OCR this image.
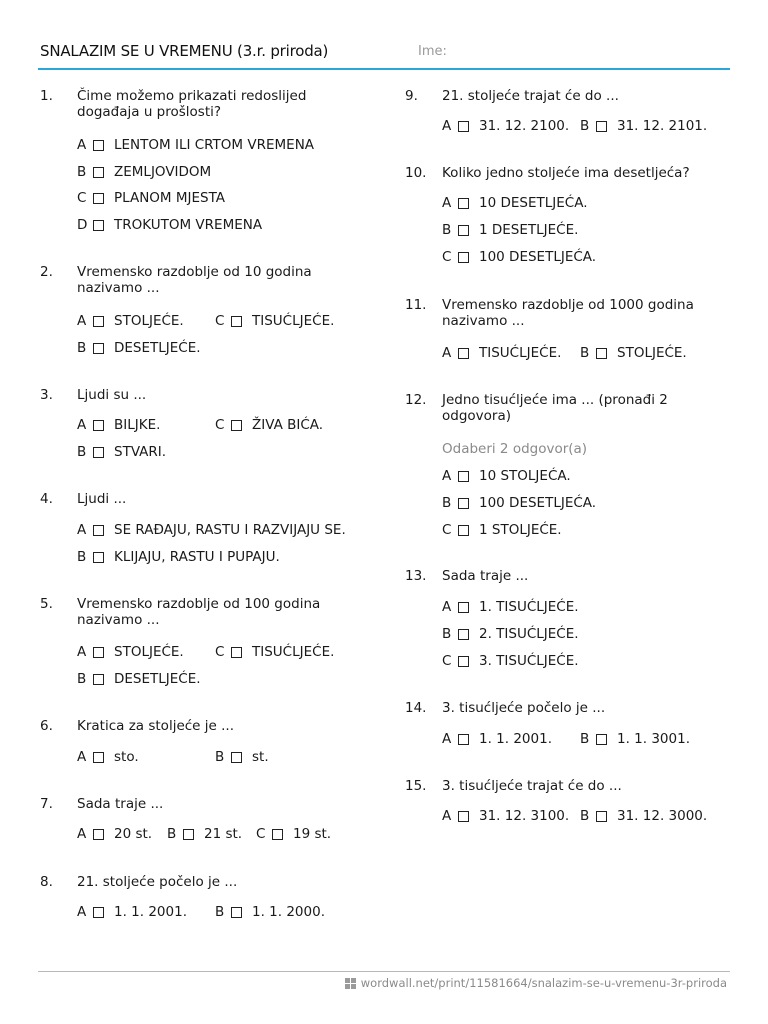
SNALAZIM SE U VREMENU (3.r. priroda)	Ime:
1.	Čime možemo prikazati redoslijed događaja u prošlosti?
A	LENTOM ILI CRTOM VREMENA
B	ZEMLJOVIDOM
C	PLANOM MJESTA
D TROKUTOM VREMENA
2.	Vremensko razdoblje od 10 godina nazivamo ...
A	STOLJEĆE. C	TISUĆLJEĆE.
B	DESETLJEĆE.
3.	Ljudi su ...
A	BILJKE.	C	ŽIVA BIĆA.
B	STVARI.
4.	Ljudi ...
A	SE RAĐAJU, RASTU I RAZVIJAJU SE.
B	KLIJAJU, RASTU I PUPAJU.
5.	Vremensko razdoblje od 100 godina nazivamo ...
A	STOLJEĆE. C	TISUĆLJEĆE.
B	DESETLJEĆE.
6.	Kratica za stoljeće je ...
A	sto.	B	st.
7.	Sada traje ...
A	20 st. B	21 st. C	19 st.
8.	21. stoljeće počelo je ...
A	1. 1. 2001. B	1. 1. 2000.
9.	21. stoljeće trajat će do ...
A	31. 12. 2100. B	31. 12. 2101.
10.	Koliko jedno stoljeće ima desetljeća?
A	10 DESETLJEĆA.
B	1 DESETLJEĆE.
C	100 DESETLJEĆA.
11.	Vremensko razdoblje od 1000 godina nazivamo ...
A	TISUĆLJEĆE. B	STOLJEĆE.
12.	Jedno tisućljeće ima ... (pronađi 2 odgovora)
Odaberi 2 odgovor(a)
A	10 STOLJEĆA.
B	100 DESETLJEĆA.
C	1 STOLJEĆE.
13.	Sada traje ...
A	1. TISUĆLJEĆE.
B	2. TISUĆLJEĆE.
C	3. TISUĆLJEĆE.
14.	3. tisućljeće počelo je ...
A	1. 1. 2001. B	1. 1. 3001.
15.	3. tisućljeće trajat će do ...
A	31. 12. 3100. B	31. 12. 3000.
wordwall.net/print/11581664/snalazim-se-u-vremenu-3r-priroda
